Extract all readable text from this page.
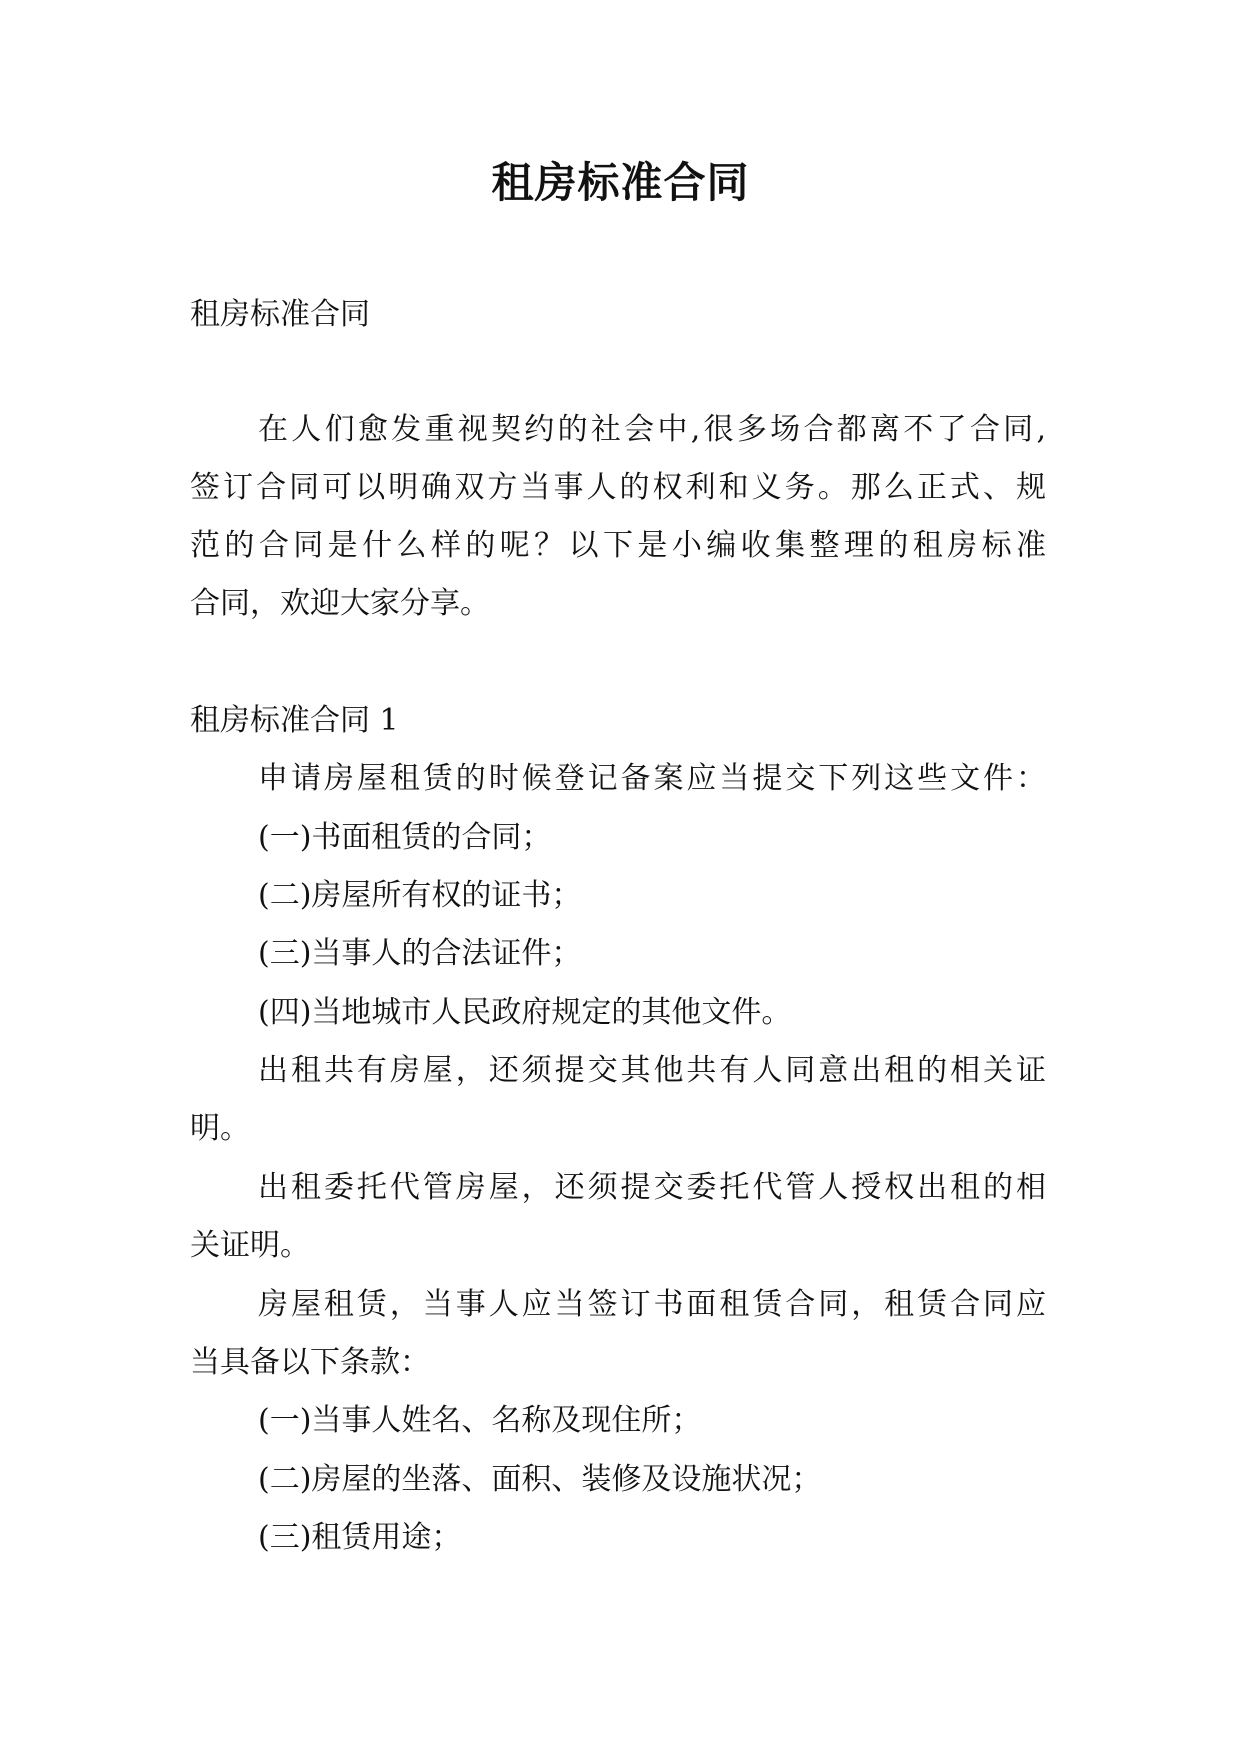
租房标准合同

租房标准合同

在人们愈发重视契约的社会中,很多场合都离不了合同,

签订合同可以明确双方当事人的权利和义务。那么正式、规

范的合同是什么样的呢？以下是小编收集整理的租房标准

合同，欢迎大家分享。

租房标准合同 1

申请房屋租赁的时候登记备案应当提交下列这些文件：

(一)书面租赁的合同；

(二)房屋所有权的证书；

(三)当事人的合法证件；

(四)当地城市人民政府规定的其他文件。

出租共有房屋，还须提交其他共有人同意出租的相关证

明。

出租委托代管房屋，还须提交委托代管人授权出租的相

关证明。

房屋租赁，当事人应当签订书面租赁合同，租赁合同应

当具备以下条款：

(一)当事人姓名、名称及现住所；

(二)房屋的坐落、面积、装修及设施状况；

(三)租赁用途；
